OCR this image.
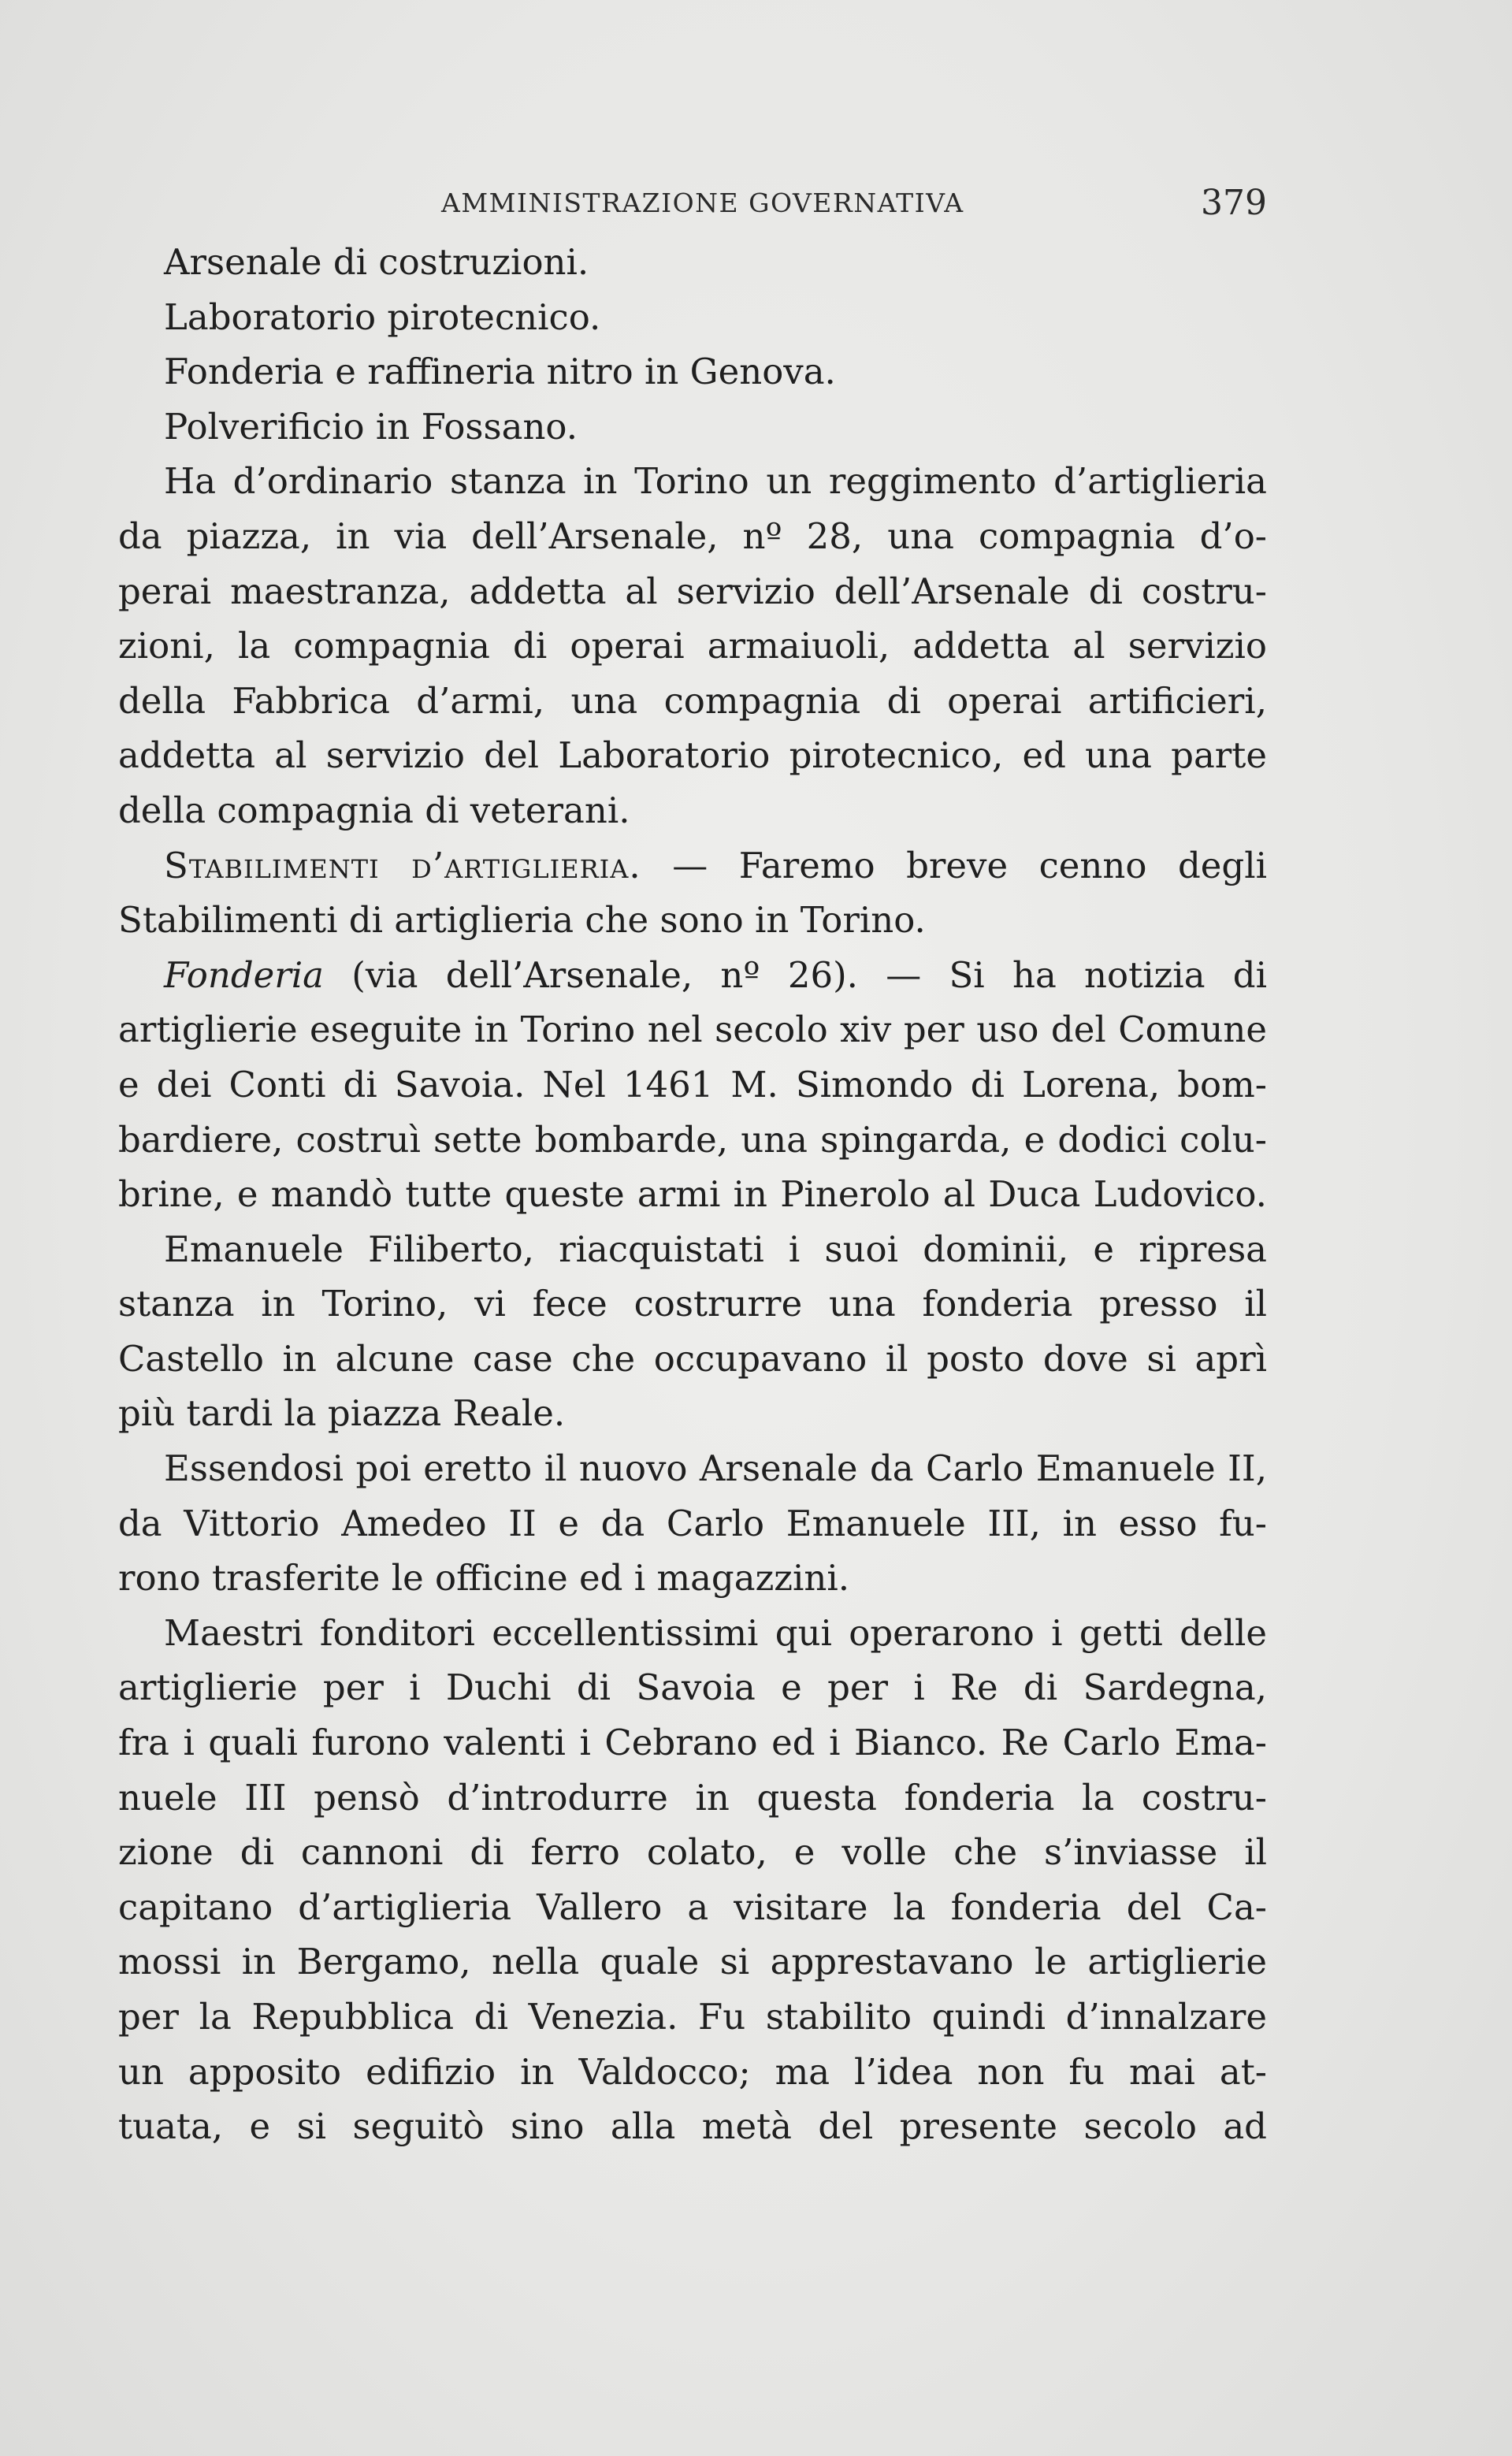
AMMINISTRAZIONE GOVERNATIVA	379
Arsenale di costruzioni.
Laboratorio pirotecnico.
Fonderia e raffineria nitro in Genova.
Polverificio in Fossano.
Ha d’ordinario stanza in Torino un reggimento d’artiglieria
da piazza, in via dell’Arsenale, nº 28, una compagnia d’o-
perai maestranza, addetta al servizio dell’Arsenale di costru-
zioni, la compagnia di operai armaiuoli, addetta al servizio
della Fabbrica d’armi, una compagnia di operai artificieri,
addetta al servizio del Laboratorio pirotecnico, ed una parte
della compagnia di veterani.
Stabilimenti d’artiglieria. — Faremo breve cenno degli
Stabilimenti di artiglieria che sono in Torino.
Fonderia (via dell’Arsenale, nº 26). — Si ha notizia di
artiglierie eseguite in Torino nel secolo xiv per uso del Comune
e dei Conti di Savoia. Nel 1461 M. Simondo di Lorena, bom-
bardiere, costruì sette bombarde, una spingarda, e dodici colu-
brine, e mandò tutte queste armi in Pinerolo al Duca Ludovico.
Emanuele Filiberto, riacquistati i suoi dominii, e ripresa
stanza in Torino, vi fece costrurre una fonderia presso il
Castello in alcune case che occupavano il posto dove si aprì
più tardi la piazza Reale.
Essendosi poi eretto il nuovo Arsenale da Carlo Emanuele II,
da Vittorio Amedeo II e da Carlo Emanuele III, in esso fu-
rono trasferite le officine ed i magazzini.
Maestri fonditori eccellentissimi qui operarono i getti delle
artiglierie per i Duchi di Savoia e per i Re di Sardegna,
fra i quali furono valenti i Cebrano ed i Bianco. Re Carlo Ema-
nuele III pensò d’introdurre in questa fonderia la costru-
zione di cannoni di ferro colato, e volle che s’inviasse il
capitano d’artiglieria Vallero a visitare la fonderia del Ca-
mossi in Bergamo, nella quale si apprestavano le artiglierie
per la Repubblica di Venezia. Fu stabilito quindi d’innalzare
un apposito edifizio in Valdocco; ma l’idea non fu mai at-
tuata, e si seguitò sino alla metà del presente secolo ad
